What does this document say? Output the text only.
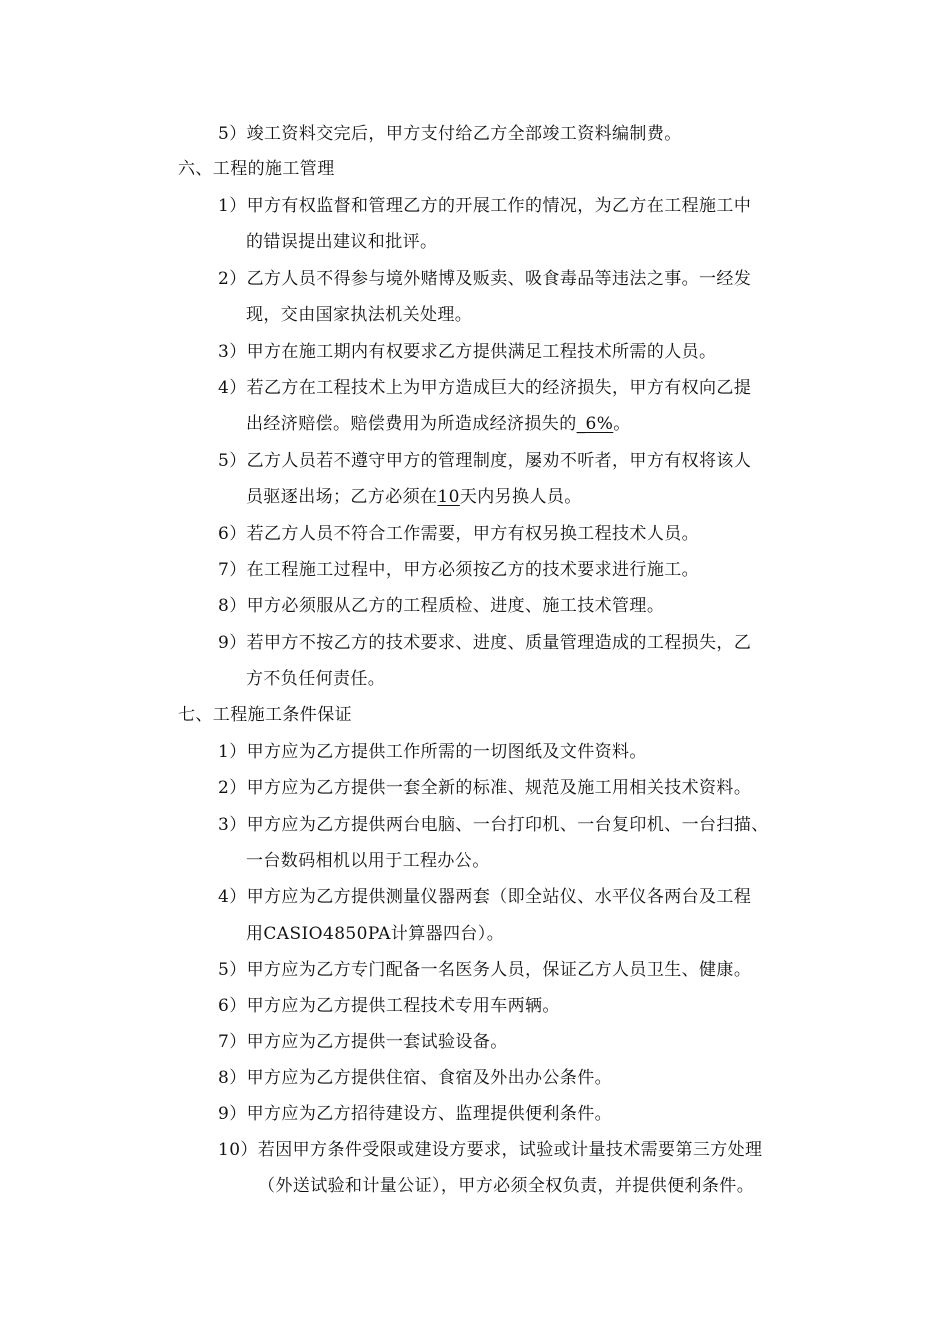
5）竣工资料交完后，甲方支付给乙方全部竣工资料编制费。
六、工程的施工管理
1）甲方有权监督和管理乙方的开展工作的情况，为乙方在工程施工中
的错误提出建议和批评。
2）乙方人员不得参与境外赌博及贩卖、吸食毒品等违法之事。一经发
现，交由国家执法机关处理。
3）甲方在施工期内有权要求乙方提供满足工程技术所需的人员。
4）若乙方在工程技术上为甲方造成巨大的经济损失，甲方有权向乙提
出经济赔偿。赔偿费用为所造成经济损失的_6%。
5）乙方人员若不遵守甲方的管理制度，屡劝不听者，甲方有权将该人
员驱逐出场；乙方必须在10天内另换人员。
6）若乙方人员不符合工作需要，甲方有权另换工程技术人员。
7）在工程施工过程中，甲方必须按乙方的技术要求进行施工。
8）甲方必须服从乙方的工程质检、进度、施工技术管理。
9）若甲方不按乙方的技术要求、进度、质量管理造成的工程损失，乙
方不负任何责任。
七、工程施工条件保证
1）甲方应为乙方提供工作所需的一切图纸及文件资料。
2）甲方应为乙方提供一套全新的标准、规范及施工用相关技术资料。
3）甲方应为乙方提供两台电脑、一台打印机、一台复印机、一台扫描、
一台数码相机以用于工程办公。
4）甲方应为乙方提供测量仪器两套（即全站仪、水平仪各两台及工程
用CASIO4850PA计算器四台）。
5）甲方应为乙方专门配备一名医务人员，保证乙方人员卫生、健康。
6）甲方应为乙方提供工程技术专用车两辆。
7）甲方应为乙方提供一套试验设备。
8）甲方应为乙方提供住宿、食宿及外出办公条件。
9）甲方应为乙方招待建设方、监理提供便利条件。
10）若因甲方条件受限或建设方要求，试验或计量技术需要第三方处理
（外送试验和计量公证），甲方必须全权负责，并提供便利条件。
